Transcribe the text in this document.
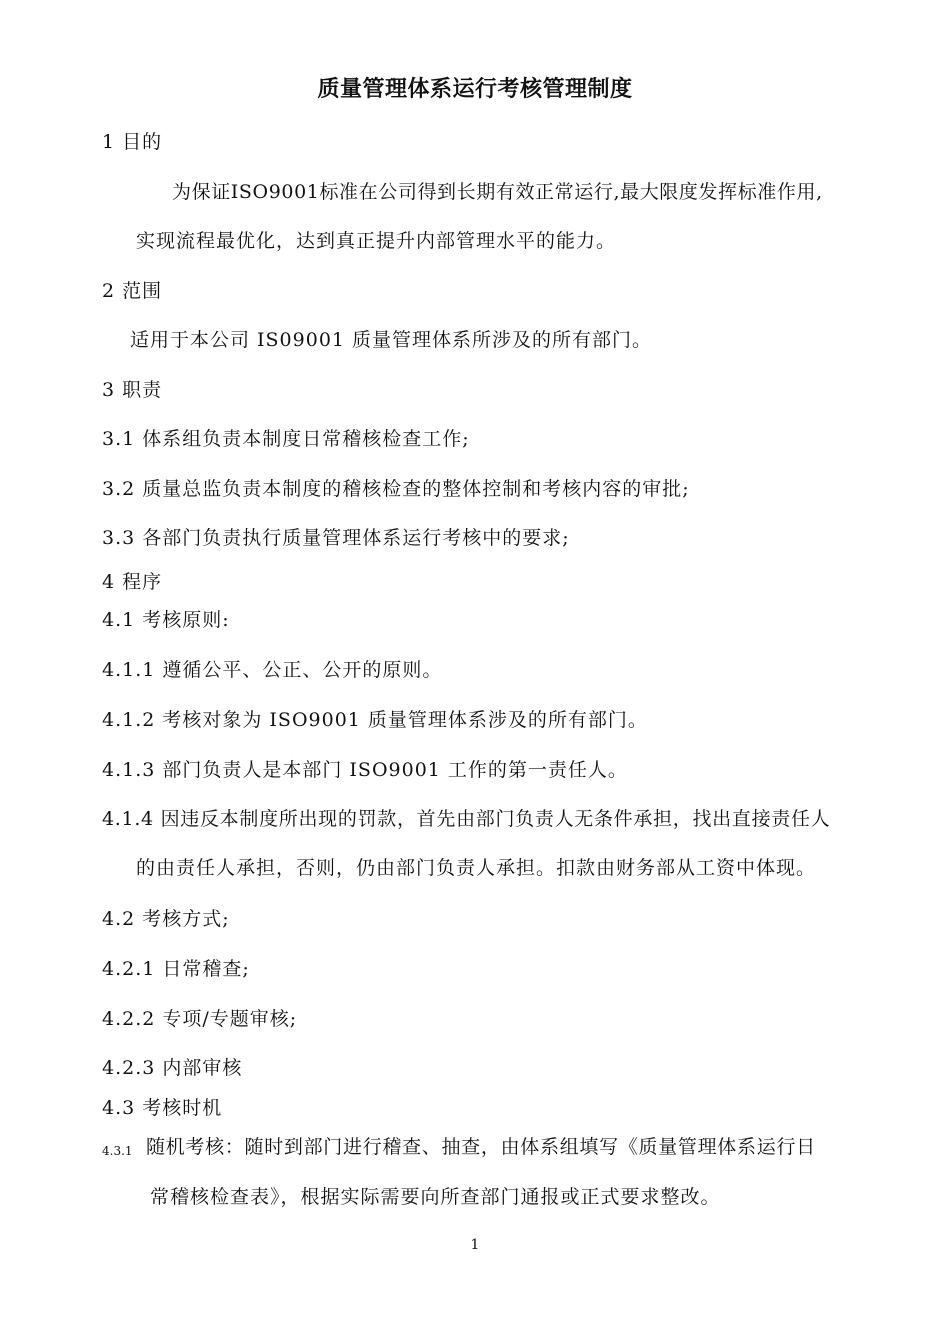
质量管理体系运行考核管理制度
1 目的
为保证ISO9001标准在公司得到长期有效正常运行,最大限度发挥标准作用,
实现流程最优化，达到真正提升内部管理水平的能力。
2 范围
适用于本公司 IS09001 质量管理体系所涉及的所有部门。
3 职责
3.1 体系组负责本制度日常稽核检查工作;
3.2 质量总监负责本制度的稽核检查的整体控制和考核内容的审批;
3.3 各部门负责执行质量管理体系运行考核中的要求;
4 程序
4.1 考核原则:
4.1.1 遵循公平、公正、公开的原则。
4.1.2 考核对象为 ISO9001 质量管理体系涉及的所有部门。
4.1.3 部门负责人是本部门 ISO9001 工作的第一责任人。
4.1.4 因违反本制度所出现的罚款，首先由部门负责人无条件承担，找出直接责任人
的由责任人承担，否则，仍由部门负责人承担。扣款由财务部从工资中体现。
4.2 考核方式;
4.2.1 日常稽查;
4.2.2 专项/专题审核;
4.2.3 内部审核
4.3 考核时机
4.3.1 随机考核：随时到部门进行稽查、抽查，由体系组填写《质量管理体系运行日
常稽核检查表》，根据实际需要向所查部门通报或正式要求整改。
1
